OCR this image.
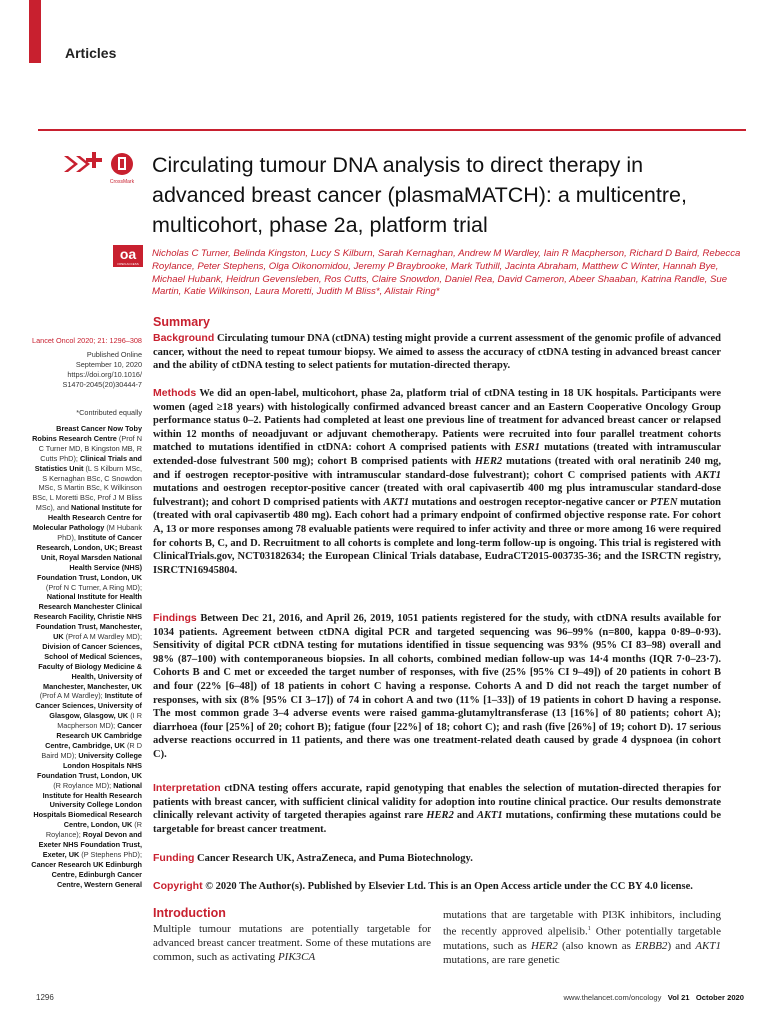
Articles
CrossMark
oa
OPEN ACCESS
Circulating tumour DNA analysis to direct therapy in advanced breast cancer (plasmaMATCH): a multicentre, multicohort, phase 2a, platform trial

Nicholas C Turner, Belinda Kingston, Lucy S Kilburn, Sarah Kernaghan, Andrew M Wardley, Iain R Macpherson, Richard D Baird, Rebecca Roylance, Peter Stephens, Olga Oikonomidou, Jeremy P Braybrooke, Mark Tuthill, Jacinta Abraham, Matthew C Winter, Hannah Bye, Michael Hubank, Heidrun Gevensleben, Ros Cutts, Claire Snowdon, Daniel Rea, David Cameron, Abeer Shaaban, Katrina Randle, Sue Martin, Katie Wilkinson, Laura Moretti, Judith M Bliss*, Alistair Ring*

Lancet Oncol 2020; 21: 1296–308
Published Online
September 10, 2020
https://doi.org/10.1016/
S1470-2045(20)30444-7
*Contributed equally
Breast Cancer Now Toby Robins Research Centre (Prof N C Turner MD, B Kingston MB, R Cutts PhD); Clinical Trials and Statistics Unit (L S Kilburn MSc, S Kernaghan BSc, C Snowdon MSc, S Martin BSc, K Wilkinson BSc, L Moretti BSc, Prof J M Bliss MSc), and National Institute for Health Research Centre for Molecular Pathology (M Hubank PhD), Institute of Cancer Research, London, UK; Breast Unit, Royal Marsden National Health Service (NHS) Foundation Trust, London, UK (Prof N C Turner, A Ring MD); National Institute for Health Research Manchester Clinical Research Facility, Christie NHS Foundation Trust, Manchester, UK (Prof A M Wardley MD); Division of Cancer Sciences, School of Medical Sciences, Faculty of Biology Medicine & Health, University of Manchester, Manchester, UK (Prof A M Wardley); Institute of Cancer Sciences, University of Glasgow, Glasgow, UK (I R Macpherson MD); Cancer Research UK Cambridge Centre, Cambridge, UK (R D Baird MD); University College London Hospitals NHS Foundation Trust, London, UK (R Roylance MD); National Institute for Health Research University College London Hospitals Biomedical Research Centre, London, UK (R Roylance); Royal Devon and Exeter NHS Foundation Trust, Exeter, UK (P Stephens PhD); Cancer Research UK Edinburgh Centre, Edinburgh Cancer Centre, Western General
Summary

Background Circulating tumour DNA (ctDNA) testing might provide a current assessment of the genomic profile of advanced cancer, without the need to repeat tumour biopsy. We aimed to assess the accuracy of ctDNA testing in advanced breast cancer and the ability of ctDNA testing to select patients for mutation-directed therapy.

Methods We did an open-label, multicohort, phase 2a, platform trial of ctDNA testing in 18 UK hospitals. Participants were women (aged ≥18 years) with histologically confirmed advanced breast cancer and an Eastern Cooperative Oncology Group performance status 0–2. Patients had completed at least one previous line of treatment for advanced breast cancer or relapsed within 12 months of neoadjuvant or adjuvant chemotherapy. Patients were recruited into four parallel treatment cohorts matched to mutations identified in ctDNA: cohort A comprised patients with ESR1 mutations (treated with intramuscular extended-dose fulvestrant 500 mg); cohort B comprised patients with HER2 mutations (treated with oral neratinib 240 mg, and if oestrogen receptor-positive with intramuscular standard-dose fulvestrant); cohort C comprised patients with AKT1 mutations and oestrogen receptor-positive cancer (treated with oral capivasertib 400 mg plus intramuscular standard-dose fulvestrant); and cohort D comprised patients with AKT1 mutations and oestrogen receptor-negative cancer or PTEN mutation (treated with oral capivasertib 480 mg). Each cohort had a primary endpoint of confirmed objective response rate. For cohort A, 13 or more responses among 78 evaluable patients were required to infer activity and three or more among 16 were required for cohorts B, C, and D. Recruitment to all cohorts is complete and long-term follow-up is ongoing. This trial is registered with ClinicalTrials.gov, NCT03182634; the European Clinical Trials database, EudraCT2015-003735-36; and the ISRCTN registry, ISRCTN16945804.

Findings Between Dec 21, 2016, and April 26, 2019, 1051 patients registered for the study, with ctDNA results available for 1034 patients. Agreement between ctDNA digital PCR and targeted sequencing was 96–99% (n=800, kappa 0·89–0·93). Sensitivity of digital PCR ctDNA testing for mutations identified in tissue sequencing was 93% (95% CI 83–98) overall and 98% (87–100) with contemporaneous biopsies. In all cohorts, combined median follow-up was 14·4 months (IQR 7·0–23·7). Cohorts B and C met or exceeded the target number of responses, with five (25% [95% CI 9–49]) of 20 patients in cohort B and four (22% [6–48]) of 18 patients in cohort C having a response. Cohorts A and D did not reach the target number of responses, with six (8% [95% CI 3–17]) of 74 in cohort A and two (11% [1–33]) of 19 patients in cohort D having a response. The most common grade 3–4 adverse events were raised gamma-glutamyltransferase (13 [16%] of 80 patients; cohort A); diarrhoea (four [25%] of 20; cohort B); fatigue (four [22%] of 18; cohort C); and rash (five [26%] of 19; cohort D). 17 serious adverse reactions occurred in 11 patients, and there was one treatment-related death caused by grade 4 dyspnoea (in cohort C).

Interpretation ctDNA testing offers accurate, rapid genotyping that enables the selection of mutation-directed therapies for patients with breast cancer, with sufficient clinical validity for adoption into routine clinical practice. Our results demonstrate clinically relevant activity of targeted therapies against rare HER2 and AKT1 mutations, confirming these mutations could be targetable for breast cancer treatment.

Funding Cancer Research UK, AstraZeneca, and Puma Biotechnology.

Copyright © 2020 The Author(s). Published by Elsevier Ltd. This is an Open Access article under the CC BY 4.0 license.

Introduction

Multiple tumour mutations are potentially targetable for advanced breast cancer treatment. Some of these mutations are common, such as activating PIK3CA

mutations that are targetable with PI3K inhibitors, including the recently approved alpelisib.$^1$ Other potentially targetable mutations, such as HER2 (also known as ERBB2) and AKT1 mutations, are rare genetic

1296	www.thelancet.com/oncology Vol 21 October 2020
